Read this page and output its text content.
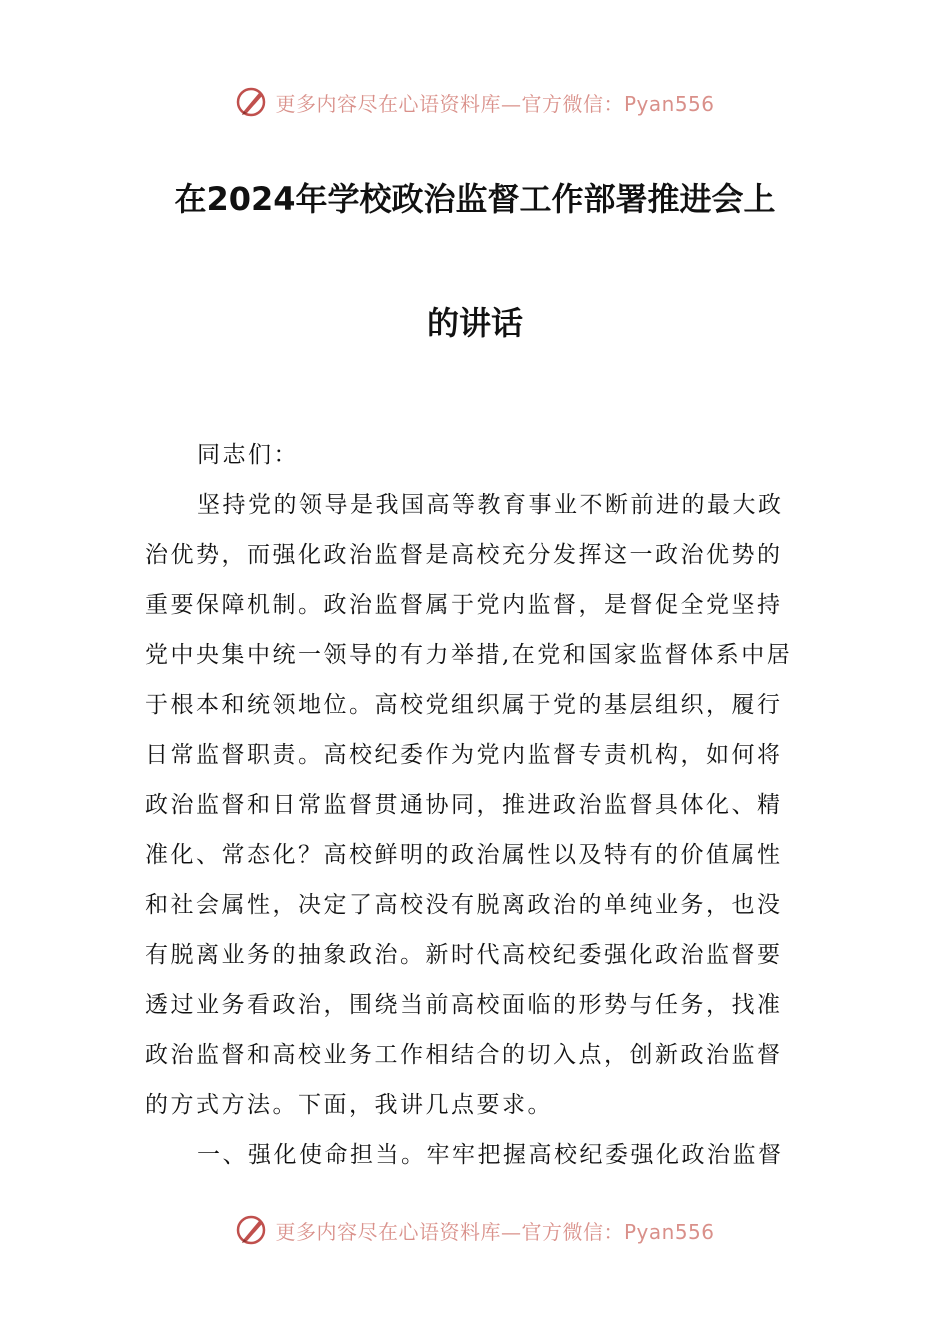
更多内容尽在心语资料库—官方微信：Pyan556
在2024年学校政治监督工作部署推进会上
的讲话

同志们：

坚持党的领导是我国高等教育事业不断前进的最大政治优势，而强化政治监督是高校充分发挥这一政治优势的重要保障机制。政治监督属于党内监督，是督促全党坚持党中央集中统一领导的有力举措,在党和国家监督体系中居于根本和统领地位。高校党组织属于党的基层组织，履行日常监督职责。高校纪委作为党内监督专责机构，如何将政治监督和日常监督贯通协同，推进政治监督具体化、精准化、常态化？高校鲜明的政治属性以及特有的价值属性和社会属性，决定了高校没有脱离政治的单纯业务，也没有脱离业务的抽象政治。新时代高校纪委强化政治监督要透过业务看政治，围绕当前高校面临的形势与任务，找准政治监督和高校业务工作相结合的切入点，创新政治监督的方式方法。下面，我讲几点要求。

一、强化使命担当。牢牢把握高校纪委强化政治监督

更多内容尽在心语资料库—官方微信：Pyan556
